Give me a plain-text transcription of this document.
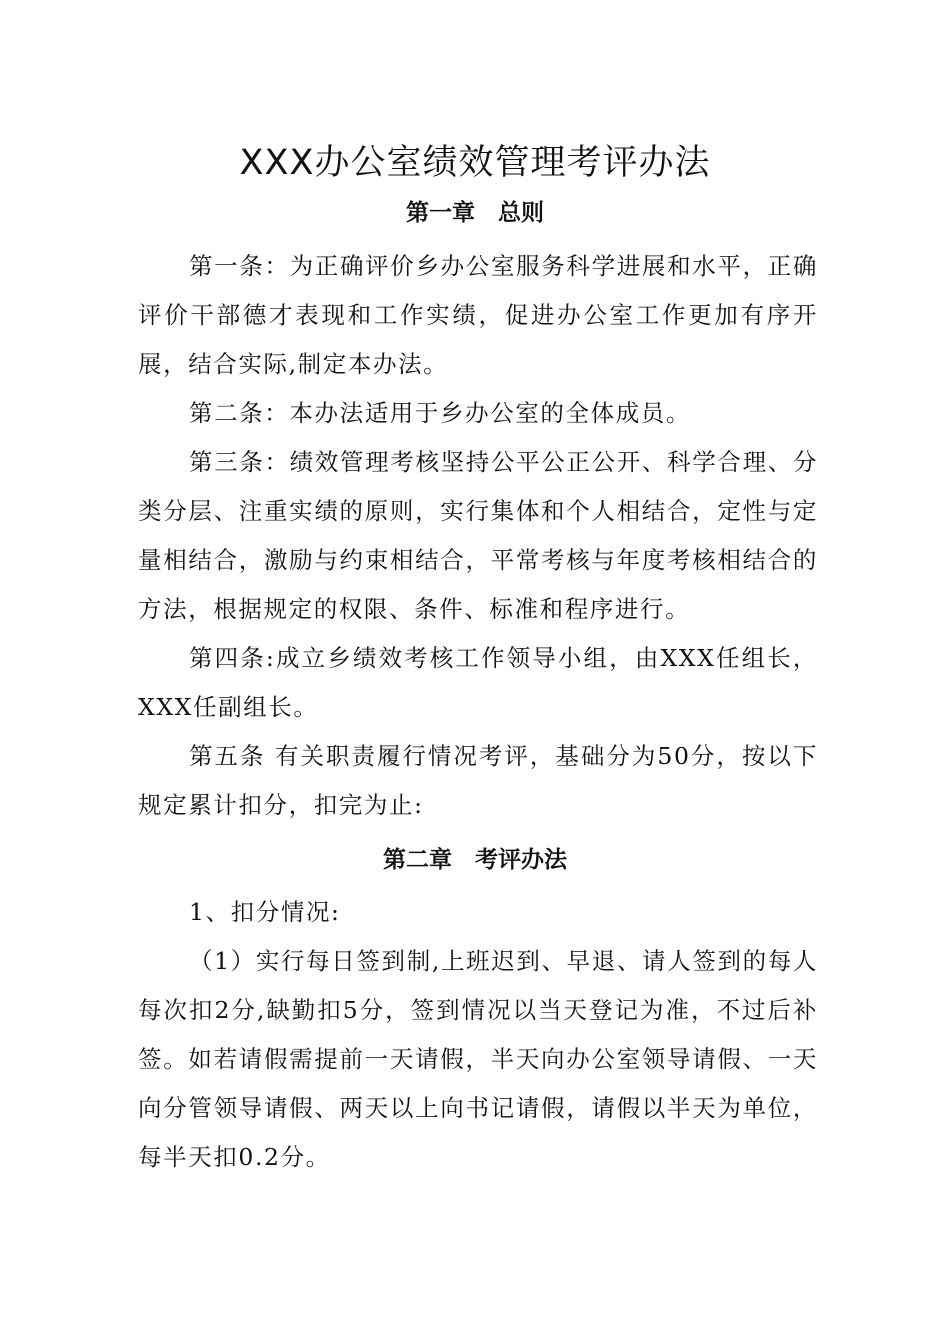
XXX办公室绩效管理考评办法
第一章　总则

第一条：为正确评价乡办公室服务科学进展和水平，正确评价干部德才表现和工作实绩，促进办公室工作更加有序开展，结合实际,制定本办法。

第二条：本办法适用于乡办公室的全体成员。

第三条：绩效管理考核坚持公平公正公开、科学合理、分类分层、注重实绩的原则，实行集体和个人相结合，定性与定量相结合，激励与约束相结合，平常考核与年度考核相结合的方法，根据规定的权限、条件、标准和程序进行。

第四条:成立乡绩效考核工作领导小组，由XXX任组长，XXX任副组长。

第五条 有关职责履行情况考评，基础分为50分，按以下规定累计扣分，扣完为止:

第二章　考评办法

1、扣分情况:

（1）实行每日签到制,上班迟到、早退、请人签到的每人每次扣2分,缺勤扣5分，签到情况以当天登记为准，不过后补签。如若请假需提前一天请假，半天向办公室领导请假、一天向分管领导请假、两天以上向书记请假，请假以半天为单位，每半天扣0.2分。
